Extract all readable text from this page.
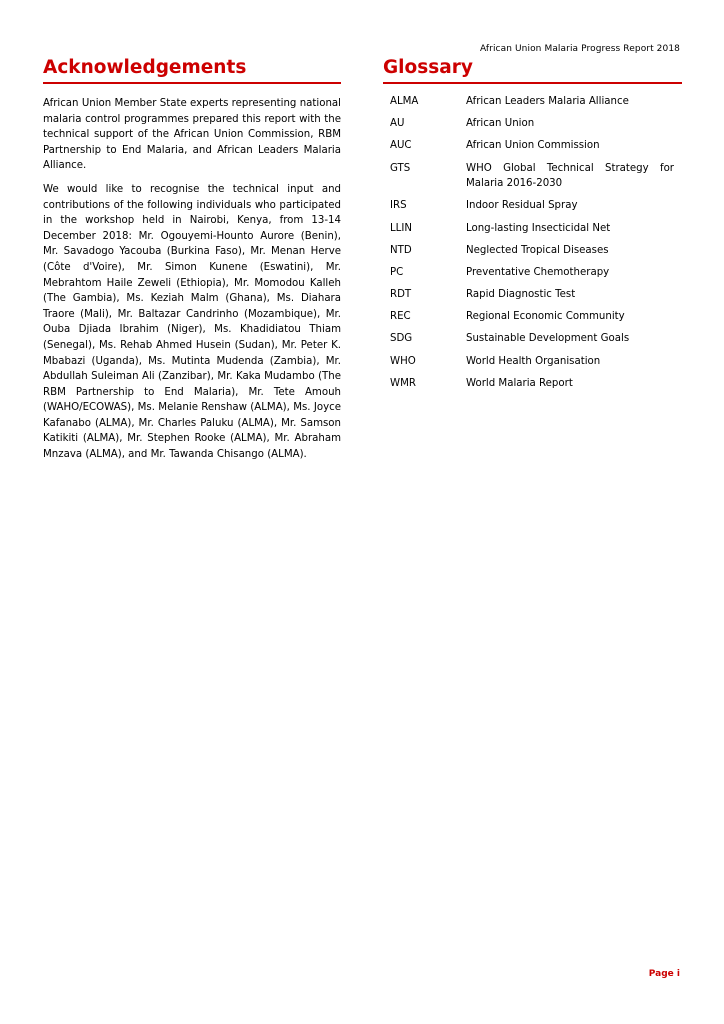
African Union Malaria Progress Report 2018
Acknowledgements

African Union Member State experts representing national malaria control programmes prepared this report with the technical support of the African Union Commission, RBM Partnership to End Malaria, and African Leaders Malaria Alliance.

We would like to recognise the technical input and contributions of the following individuals who participated in the workshop held in Nairobi, Kenya, from 13-14 December 2018: Mr. Ogouyemi-Hounto Aurore (Benin), Mr. Savadogo Yacouba (Burkina Faso), Mr. Menan Herve (Côte d'Voire), Mr. Simon Kunene (Eswatini), Mr. Mebrahtom Haile Zeweli (Ethiopia), Mr. Momodou Kalleh (The Gambia), Ms. Keziah Malm (Ghana), Ms. Diahara Traore (Mali), Mr. Baltazar Candrinho (Mozambique), Mr. Ouba Djiada Ibrahim (Niger), Ms. Khadidiatou Thiam (Senegal), Ms. Rehab Ahmed Husein (Sudan), Mr. Peter K. Mbabazi (Uganda), Ms. Mutinta Mudenda (Zambia), Mr. Abdullah Suleiman Ali (Zanzibar), Mr. Kaka Mudambo (The RBM Partnership to End Malaria), Mr. Tete Amouh (WAHO/ECOWAS), Ms. Melanie Renshaw (ALMA), Ms. Joyce Kafanabo (ALMA), Mr. Charles Paluku (ALMA), Mr. Samson Katikiti (ALMA), Mr. Stephen Rooke (ALMA), Mr. Abraham Mnzava (ALMA), and Mr. Tawanda Chisango (ALMA).

Glossary
ALMA	African Leaders Malaria Alliance
AU	African Union
AUC	African Union Commission
GTS	WHO Global Technical Strategy for Malaria 2016-2030
IRS	Indoor Residual Spray
LLIN	Long-lasting Insecticidal Net
NTD	Neglected Tropical Diseases
PC	Preventative Chemotherapy
RDT	Rapid Diagnostic Test
REC	Regional Economic Community
SDG	Sustainable Development Goals
WHO	World Health Organisation
WMR	World Malaria Report
Page i
